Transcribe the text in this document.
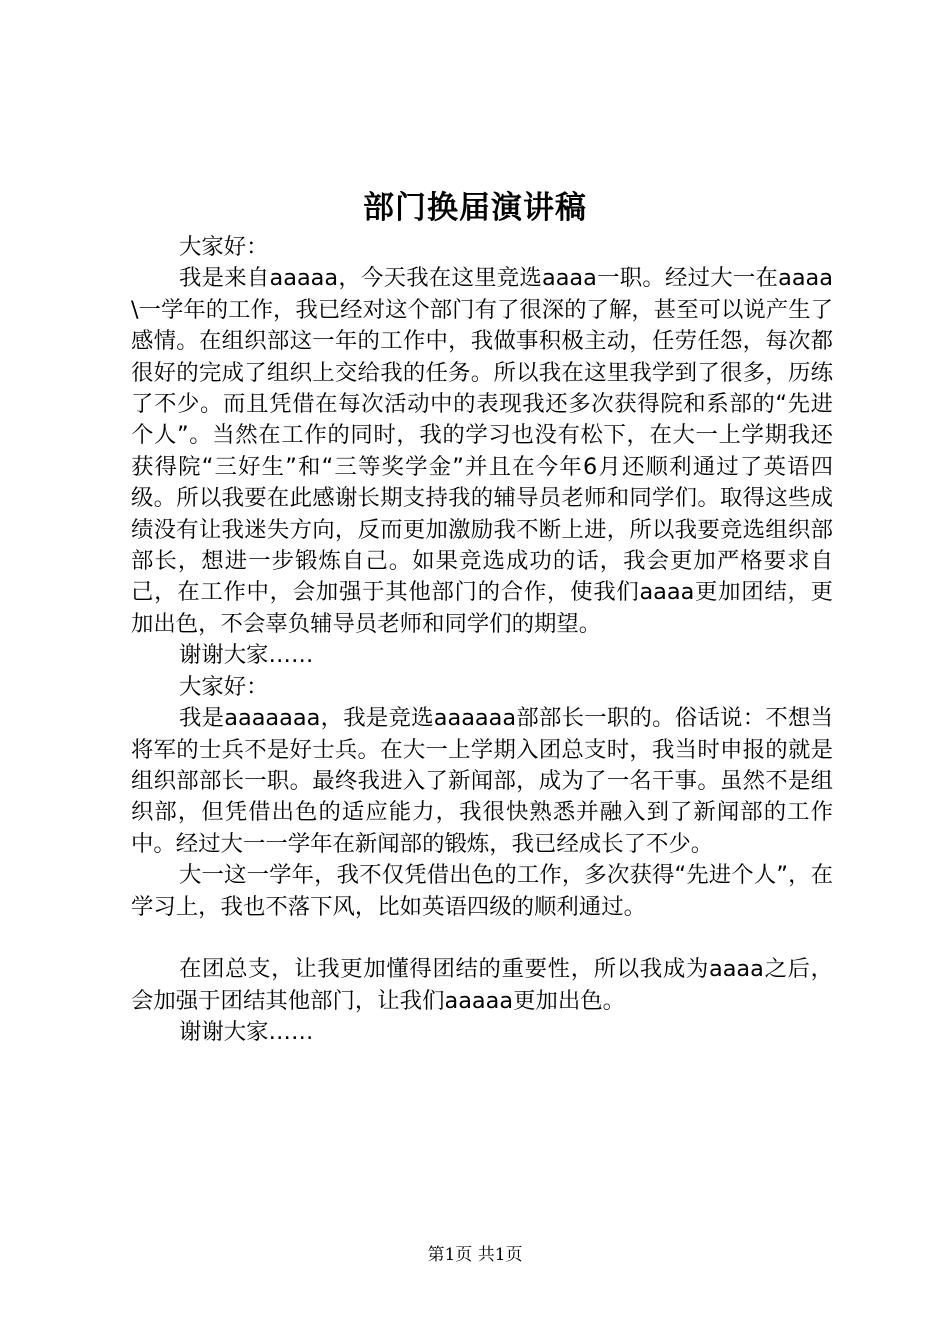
部门换届演讲稿

大家好：

我是来自aaaaa，今天我在这里竞选aaaa一职。经过大一在aaaa\一学年的工作，我已经对这个部门有了很深的了解，甚至可以说产生了感情。在组织部这一年的工作中，我做事积极主动，任劳任怨，每次都很好的完成了组织上交给我的任务。所以我在这里我学到了很多，历练了不少。而且凭借在每次活动中的表现我还多次获得院和系部的“先进个人”。当然在工作的同时，我的学习也没有松下，在大一上学期我还获得院“三好生”和“三等奖学金”并且在今年6月还顺利通过了英语四级。所以我要在此感谢长期支持我的辅导员老师和同学们。取得这些成绩没有让我迷失方向，反而更加激励我不断上进，所以我要竞选组织部部长，想进一步锻炼自己。如果竞选成功的话，我会更加严格要求自己，在工作中，会加强于其他部门的合作，使我们aaaa更加团结，更加出色，不会辜负辅导员老师和同学们的期望。

谢谢大家……

大家好：

我是aaaaaaa，我是竞选aaaaaa部部长一职的。俗话说：不想当将军的士兵不是好士兵。在大一上学期入团总支时，我当时申报的就是组织部部长一职。最终我进入了新闻部，成为了一名干事。虽然不是组织部，但凭借出色的适应能力，我很快熟悉并融入到了新闻部的工作中。经过大一一学年在新闻部的锻炼，我已经成长了不少。

大一这一学年，我不仅凭借出色的工作，多次获得“先进个人”，在学习上，我也不落下风，比如英语四级的顺利通过。

在团总支，让我更加懂得团结的重要性，所以我成为aaaa之后，会加强于团结其他部门，让我们aaaaa更加出色。

谢谢大家……

第1页 共1页
